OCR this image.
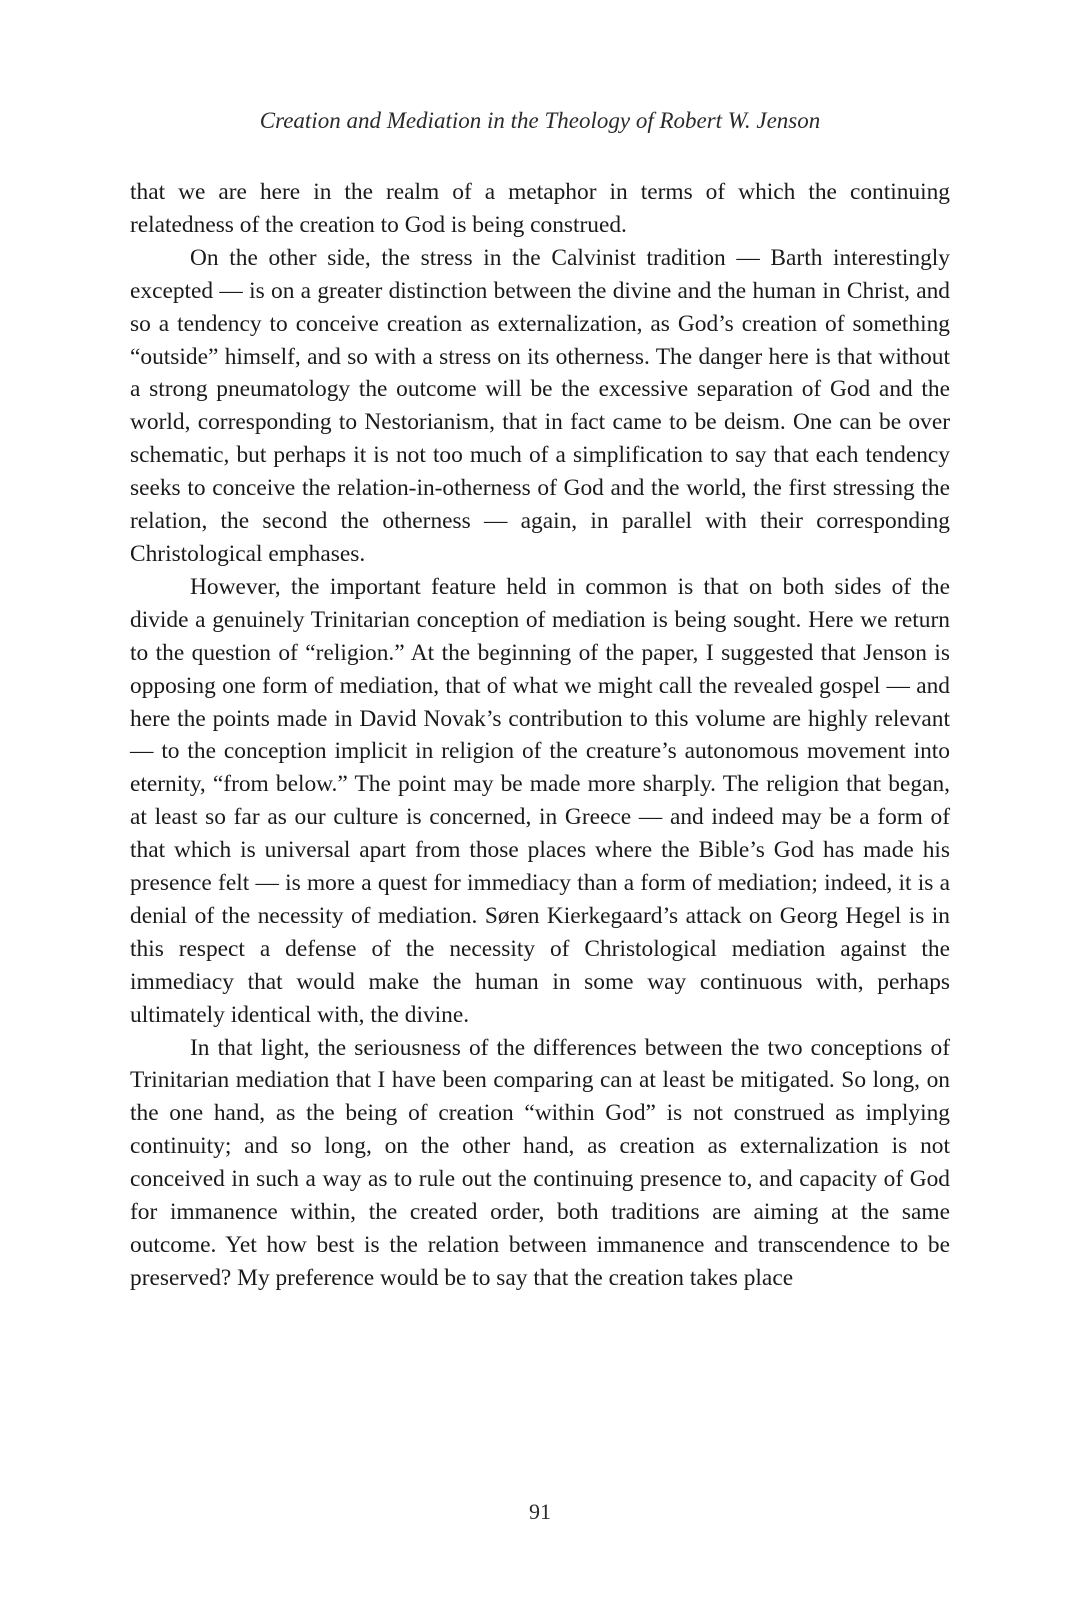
Creation and Mediation in the Theology of Robert W. Jenson

that we are here in the realm of a metaphor in terms of which the continuing relatedness of the creation to God is being construed.

On the other side, the stress in the Calvinist tradition — Barth interestingly excepted — is on a greater distinction between the divine and the human in Christ, and so a tendency to conceive creation as externalization, as God’s creation of something “outside” himself, and so with a stress on its otherness. The danger here is that without a strong pneumatology the outcome will be the excessive separation of God and the world, corresponding to Nestorianism, that in fact came to be deism. One can be over schematic, but perhaps it is not too much of a simplification to say that each tendency seeks to conceive the relation-in-otherness of God and the world, the first stressing the relation, the second the otherness — again, in parallel with their corresponding Christological emphases.

However, the important feature held in common is that on both sides of the divide a genuinely Trinitarian conception of mediation is being sought. Here we return to the question of “religion.” At the beginning of the paper, I suggested that Jenson is opposing one form of mediation, that of what we might call the revealed gospel — and here the points made in David Novak’s contribution to this volume are highly relevant — to the conception implicit in religion of the creature’s autonomous movement into eternity, “from below.” The point may be made more sharply. The religion that began, at least so far as our culture is concerned, in Greece — and indeed may be a form of that which is universal apart from those places where the Bible’s God has made his presence felt — is more a quest for immediacy than a form of mediation; indeed, it is a denial of the necessity of mediation. Søren Kierkegaard’s attack on Georg Hegel is in this respect a defense of the necessity of Christological mediation against the immediacy that would make the human in some way continuous with, perhaps ultimately identical with, the divine.

In that light, the seriousness of the differences between the two conceptions of Trinitarian mediation that I have been comparing can at least be mitigated. So long, on the one hand, as the being of creation “within God” is not construed as implying continuity; and so long, on the other hand, as creation as externalization is not conceived in such a way as to rule out the continuing presence to, and capacity of God for immanence within, the created order, both traditions are aiming at the same outcome. Yet how best is the relation between immanence and transcendence to be preserved? My preference would be to say that the creation takes place

91
